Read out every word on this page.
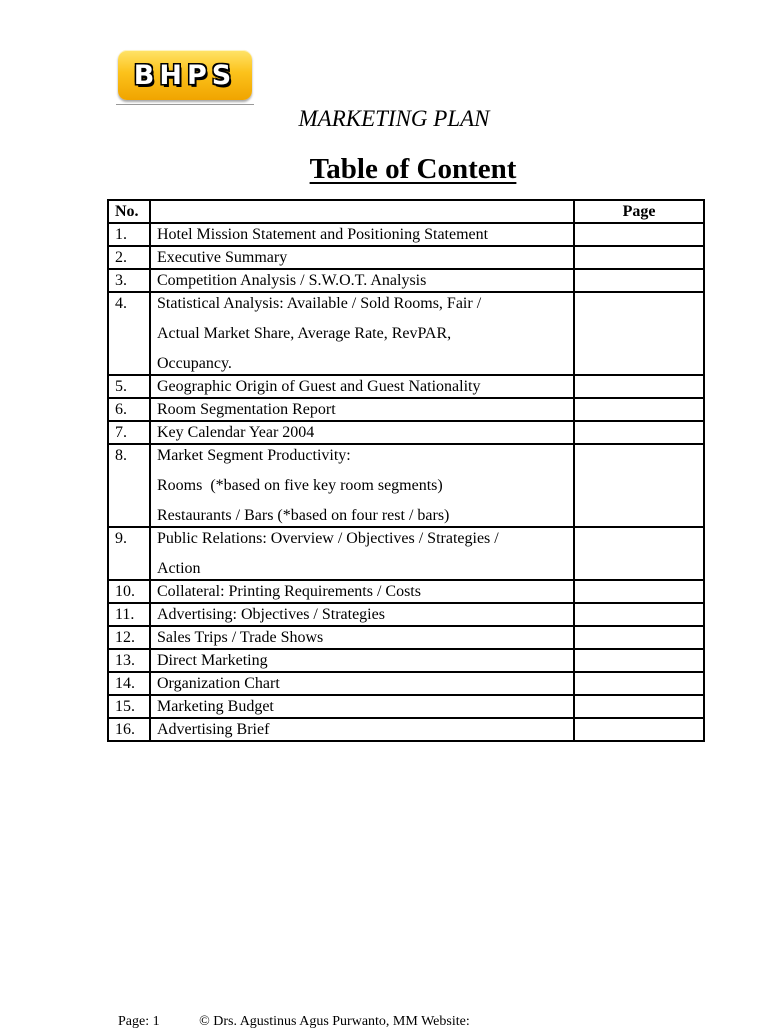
BHPS
MARKETING PLAN
Table of Content
No.		Page
1.	Hotel Mission Statement and Positioning Statement	
2.	Executive Summary	
3.	Competition Analysis / S.W.O.T. Analysis	
4.	Statistical Analysis: Available / Sold Rooms, Fair /
Actual Market Share, Average Rate, RevPAR,
Occupancy.	

5.	Geographic Origin of Guest and Guest Nationality	
6.	Room Segmentation Report	
7.	Key Calendar Year 2004	
8.	Market Segment Productivity:
Rooms  (*based on five key room segments)
Restaurants / Bars (*based on four rest / bars)	

9.	Public Relations: Overview / Objectives / Strategies /
Action	

10.	Collateral: Printing Requirements / Costs	
11.	Advertising: Objectives / Strategies	
12.	Sales Trips / Trade Shows	
13.	Direct Marketing	
14.	Organization Chart	
15.	Marketing Budget	
16.	Advertising Brief	
Page: 1	© Drs. Agustinus Agus Purwanto, MM Website:
